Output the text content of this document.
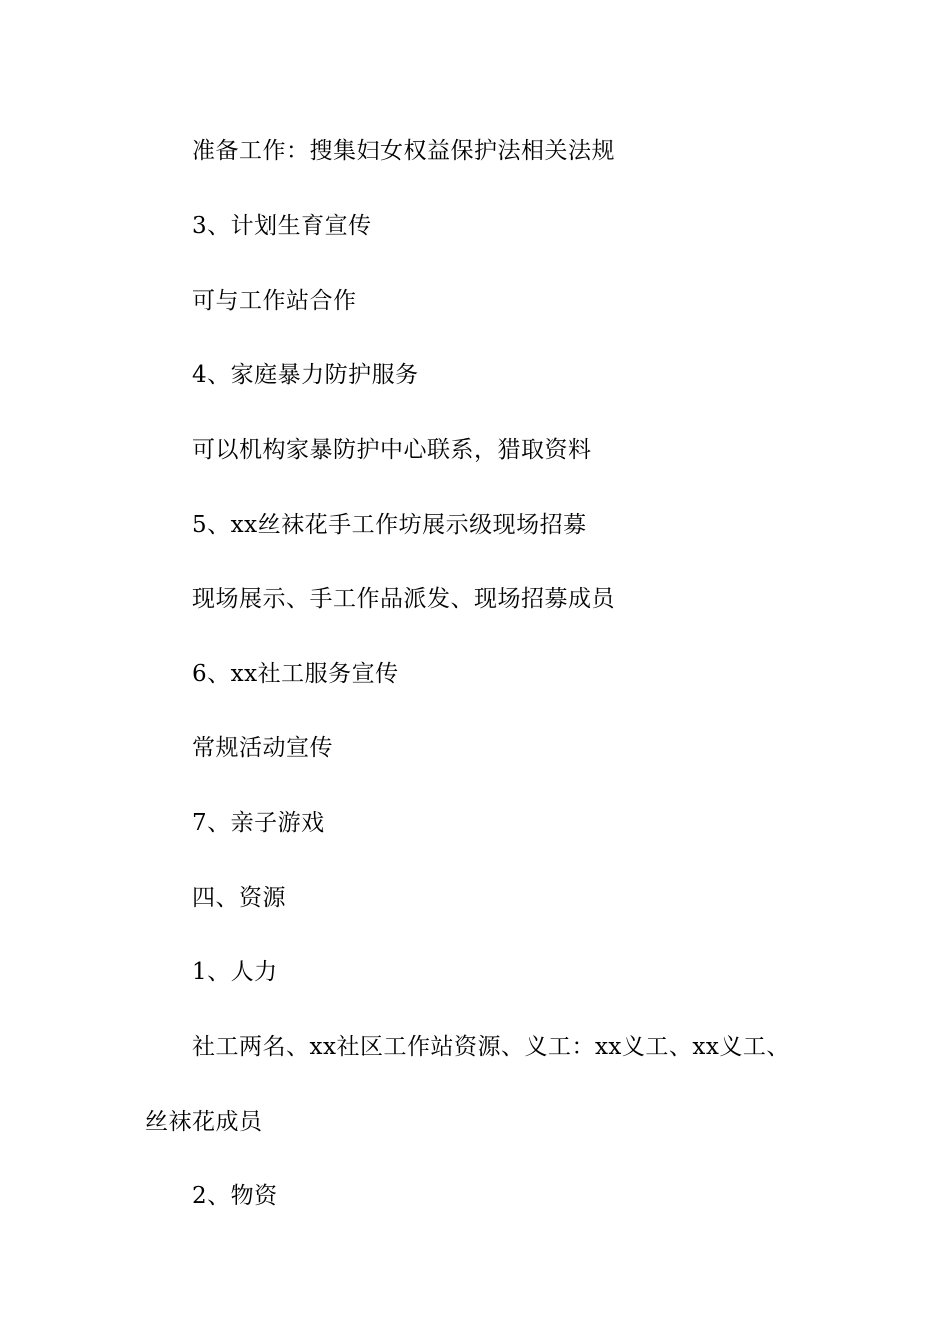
准备工作：搜集妇女权益保护法相关法规
3、计划生育宣传
可与工作站合作
4、家庭暴力防护服务
可以机构家暴防护中心联系，猎取资料
5、xx丝袜花手工作坊展示级现场招募
现场展示、手工作品派发、现场招募成员
6、xx社工服务宣传
常规活动宣传
7、亲子游戏
四、资源
1、人力
社工两名、xx社区工作站资源、义工：xx义工、xx义工、
丝袜花成员
2、物资
